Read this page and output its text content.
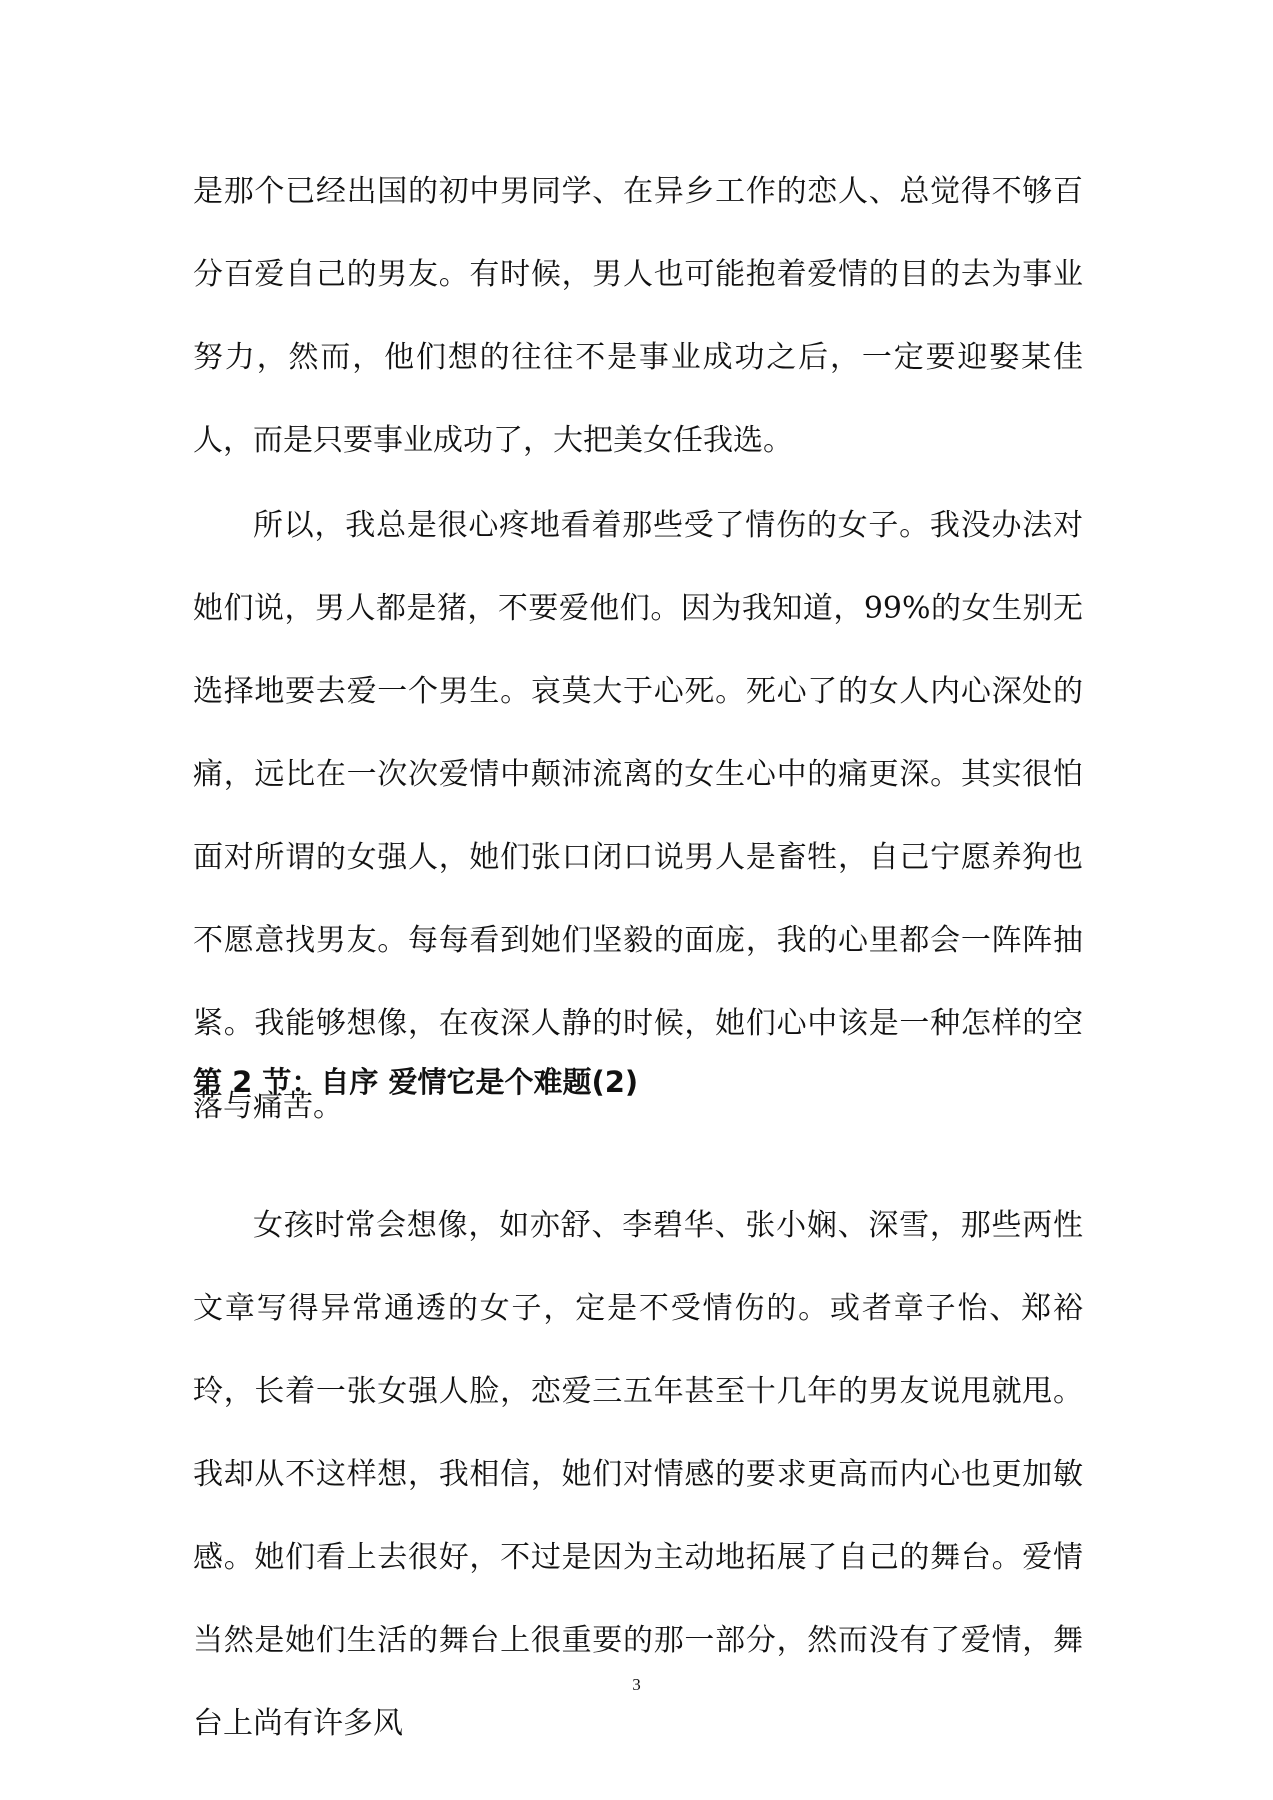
是那个已经出国的初中男同学、在异乡工作的恋人、总觉得不够百分百爱自己的男友。有时候，男人也可能抱着爱情的目的去为事业努力，然而，他们想的往往不是事业成功之后，一定要迎娶某佳人，而是只要事业成功了，大把美女任我选。

所以，我总是很心疼地看着那些受了情伤的女子。我没办法对她们说，男人都是猪，不要爱他们。因为我知道，99%的女生别无选择地要去爱一个男生。哀莫大于心死。死心了的女人内心深处的痛，远比在一次次爱情中颠沛流离的女生心中的痛更深。其实很怕面对所谓的女强人，她们张口闭口说男人是畜牲，自己宁愿养狗也不愿意找男友。每每看到她们坚毅的面庞，我的心里都会一阵阵抽紧。我能够想像，在夜深人静的时候，她们心中该是一种怎样的空落与痛苦。

第 2 节：自序 爱情它是个难题(2)

女孩时常会想像，如亦舒、李碧华、张小娴、深雪，那些两性文章写得异常通透的女子，定是不受情伤的。或者章子怡、郑裕玲，长着一张女强人脸，恋爱三五年甚至十几年的男友说甩就甩。我却从不这样想，我相信，她们对情感的要求更高而内心也更加敏感。她们看上去很好，不过是因为主动地拓展了自己的舞台。爱情当然是她们生活的舞台上很重要的那一部分，然而没有了爱情，舞台上尚有许多风

3
